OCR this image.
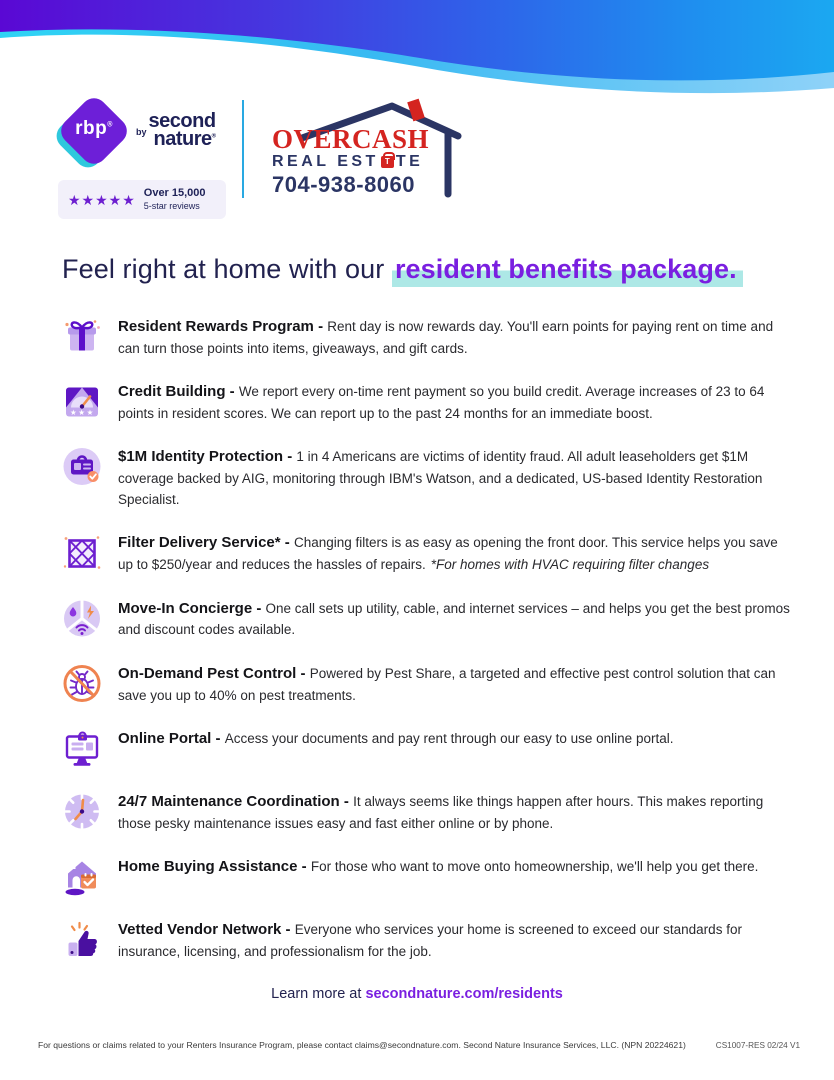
rbp®
$^{by}$second
nature®
★★★★★ Over 15,000
5-star reviews
OVERCASH
REAL EST T TE
704-938-8060
Feel right at home with our resident benefits package.
Resident Rewards Program - Rent day is now rewards day. You'll earn points for paying rent on time and can turn those points into items, giveaways, and gift cards.
★ ★ ★
Credit Building - We report every on-time rent payment so you build credit. Average increases of 23 to 64 points in resident scores. We can report up to the past 24 months for an immediate boost.
$1M Identity Protection - 1 in 4 Americans are victims of identity fraud. All adult leaseholders get $1M coverage backed by AIG, monitoring through IBM's Watson, and a dedicated, US-based Identity Restoration Specialist.
Filter Delivery Service* - Changing filters is as easy as opening the front door. This service helps you save up to $250/year and reduces the hassles of repairs. *For homes with HVAC requiring filter changes
Move-In Concierge - One call sets up utility, cable, and internet services – and helps you get the best promos and discount codes available.
On-Demand Pest Control - Powered by Pest Share, a targeted and effective pest control solution that can save you up to 40% on pest treatments.
Online Portal - Access your documents and pay rent through our easy to use online portal.
24/7 Maintenance Coordination - It always seems like things happen after hours. This makes reporting those pesky maintenance issues easy and fast either online or by phone.
Home Buying Assistance - For those who want to move onto homeownership, we'll help you get there.
Vetted Vendor Network - Everyone who services your home is screened to exceed our standards for insurance, licensing, and professionalism for the job.
Learn more at secondnature.com/residents
For questions or claims related to your Renters Insurance Program, please contact claims@secondnature.com. Second Nature Insurance Services, LLC. (NPN 20224621)	CS1007-RES 02/24 V1
